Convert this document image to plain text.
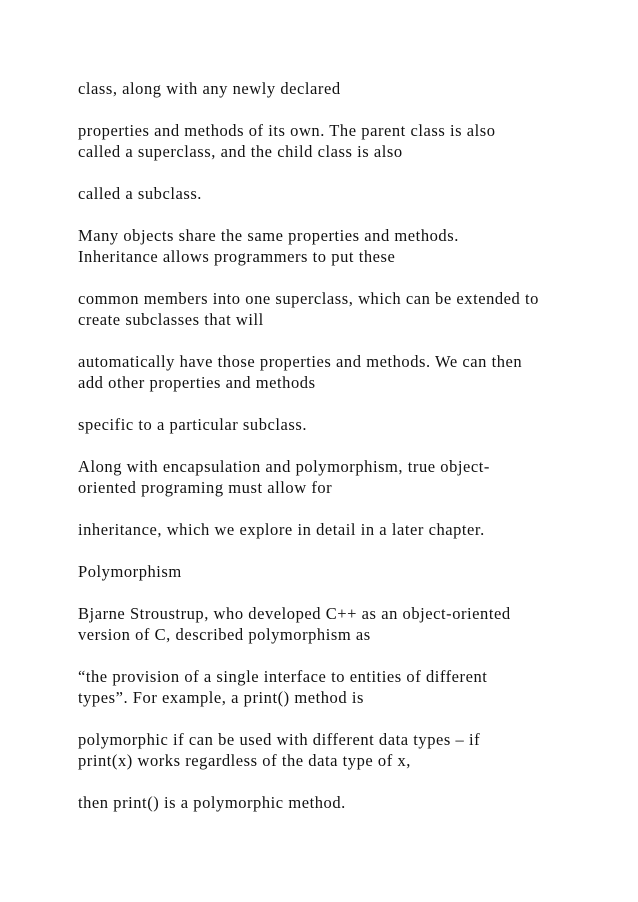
class, along with any newly declared

properties and methods of its own. The parent class is also
called a superclass, and the child class is also

called a subclass.

Many objects share the same properties and methods.
Inheritance allows programmers to put these

common members into one superclass, which can be extended to
create subclasses that will

automatically have those properties and methods. We can then
add other properties and methods

specific to a particular subclass.

Along with encapsulation and polymorphism, true object-
oriented programing must allow for

inheritance, which we explore in detail in a later chapter.

Polymorphism

Bjarne Stroustrup, who developed C++ as an object-oriented
version of C, described polymorphism as

“the provision of a single interface to entities of different
types”. For example, a print() method is

polymorphic if can be used with different data types – if
print(x) works regardless of the data type of x,

then print() is a polymorphic method.
